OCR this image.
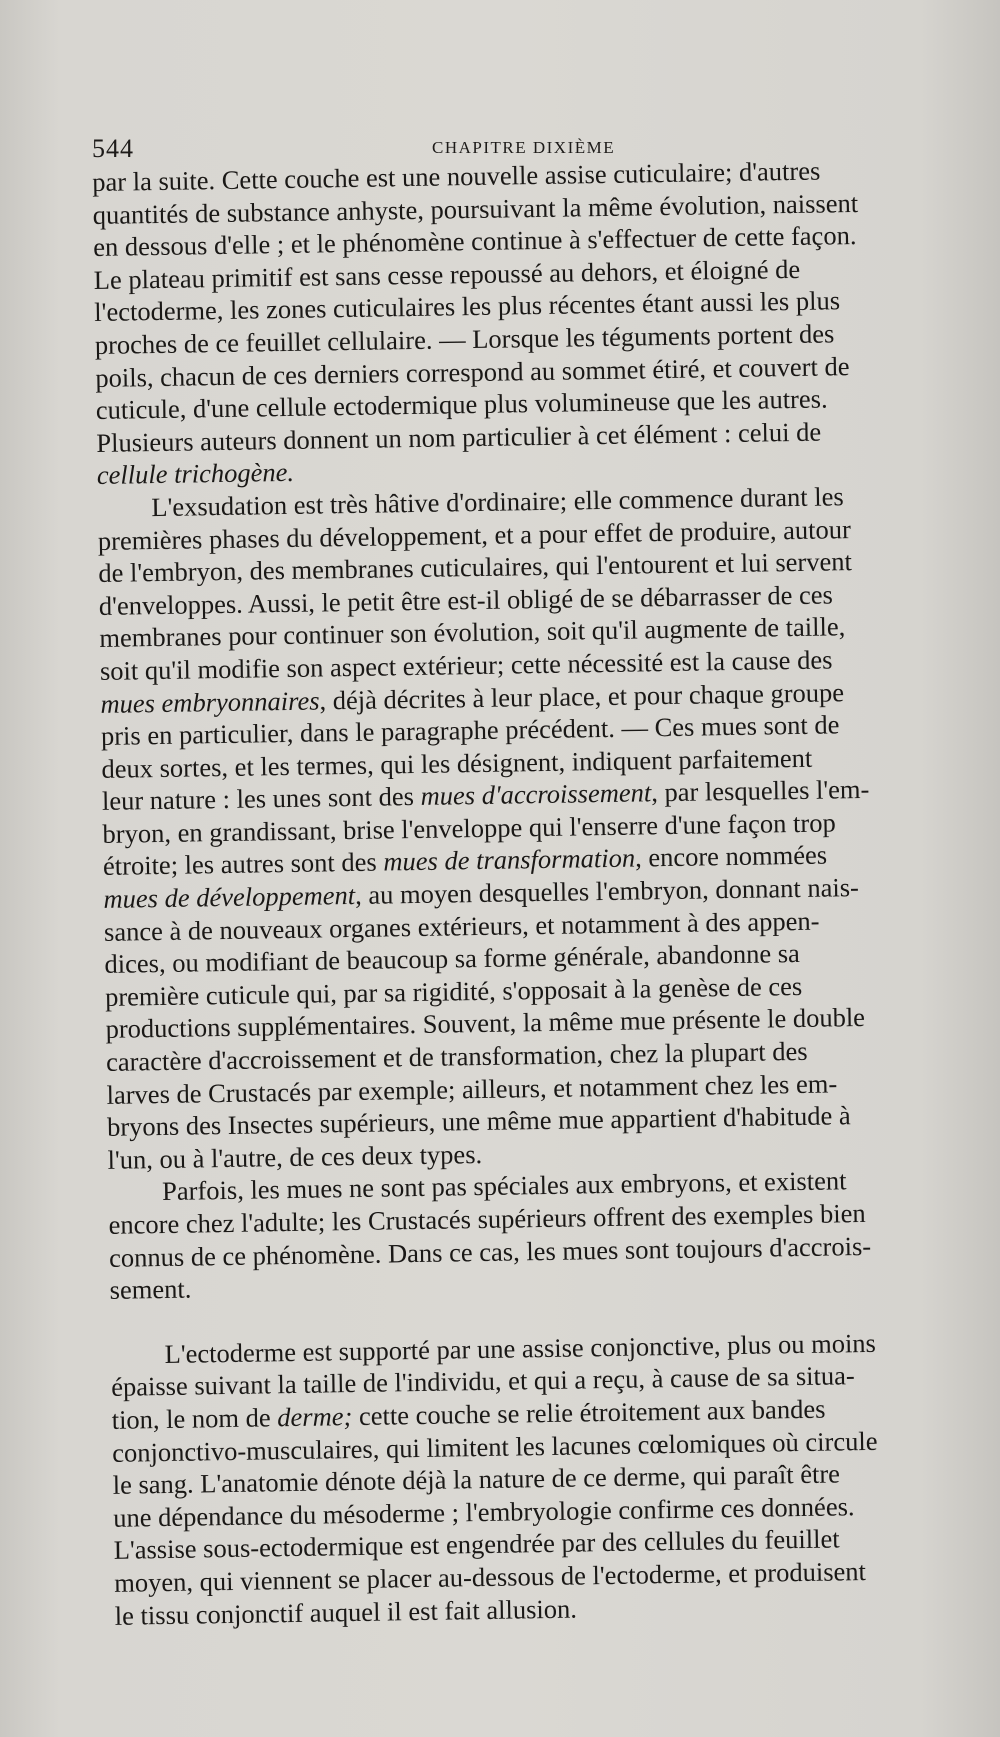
544	CHAPITRE DIXIÈME
par la suite. Cette couche est une nouvelle assise cuticulaire; d'autres
quantités de substance anhyste, poursuivant la même évolution, naissent
en dessous d'elle ; et le phénomène continue à s'effectuer de cette façon.
Le plateau primitif est sans cesse repoussé au dehors, et éloigné de
l'ectoderme, les zones cuticulaires les plus récentes étant aussi les plus
proches de ce feuillet cellulaire. — Lorsque les téguments portent des
poils, chacun de ces derniers correspond au sommet étiré, et couvert de
cuticule, d'une cellule ectodermique plus volumineuse que les autres.
Plusieurs auteurs donnent un nom particulier à cet élément : celui de
cellule trichogène.
L'exsudation est très hâtive d'ordinaire; elle commence durant les
premières phases du développement, et a pour effet de produire, autour
de l'embryon, des membranes cuticulaires, qui l'entourent et lui servent
d'enveloppes. Aussi, le petit être est-il obligé de se débarrasser de ces
membranes pour continuer son évolution, soit qu'il augmente de taille,
soit qu'il modifie son aspect extérieur; cette nécessité est la cause des
mues embryonnaires, déjà décrites à leur place, et pour chaque groupe
pris en particulier, dans le paragraphe précédent. — Ces mues sont de
deux sortes, et les termes, qui les désignent, indiquent parfaitement
leur nature : les unes sont des mues d'accroissement, par lesquelles l'em-
bryon, en grandissant, brise l'enveloppe qui l'enserre d'une façon trop
étroite; les autres sont des mues de transformation, encore nommées
mues de développement, au moyen desquelles l'embryon, donnant nais-
sance à de nouveaux organes extérieurs, et notamment à des appen-
dices, ou modifiant de beaucoup sa forme générale, abandonne sa
première cuticule qui, par sa rigidité, s'opposait à la genèse de ces
productions supplémentaires. Souvent, la même mue présente le double
caractère d'accroissement et de transformation, chez la plupart des
larves de Crustacés par exemple; ailleurs, et notamment chez les em-
bryons des Insectes supérieurs, une même mue appartient d'habitude à
l'un, ou à l'autre, de ces deux types.
Parfois, les mues ne sont pas spéciales aux embryons, et existent
encore chez l'adulte; les Crustacés supérieurs offrent des exemples bien
connus de ce phénomène. Dans ce cas, les mues sont toujours d'accrois-
sement.
L'ectoderme est supporté par une assise conjonctive, plus ou moins
épaisse suivant la taille de l'individu, et qui a reçu, à cause de sa situa-
tion, le nom de derme; cette couche se relie étroitement aux bandes
conjonctivo-musculaires, qui limitent les lacunes cœlomiques où circule
le sang. L'anatomie dénote déjà la nature de ce derme, qui paraît être
une dépendance du mésoderme ; l'embryologie confirme ces données.
L'assise sous-ectodermique est engendrée par des cellules du feuillet
moyen, qui viennent se placer au-dessous de l'ectoderme, et produisent
le tissu conjonctif auquel il est fait allusion.
